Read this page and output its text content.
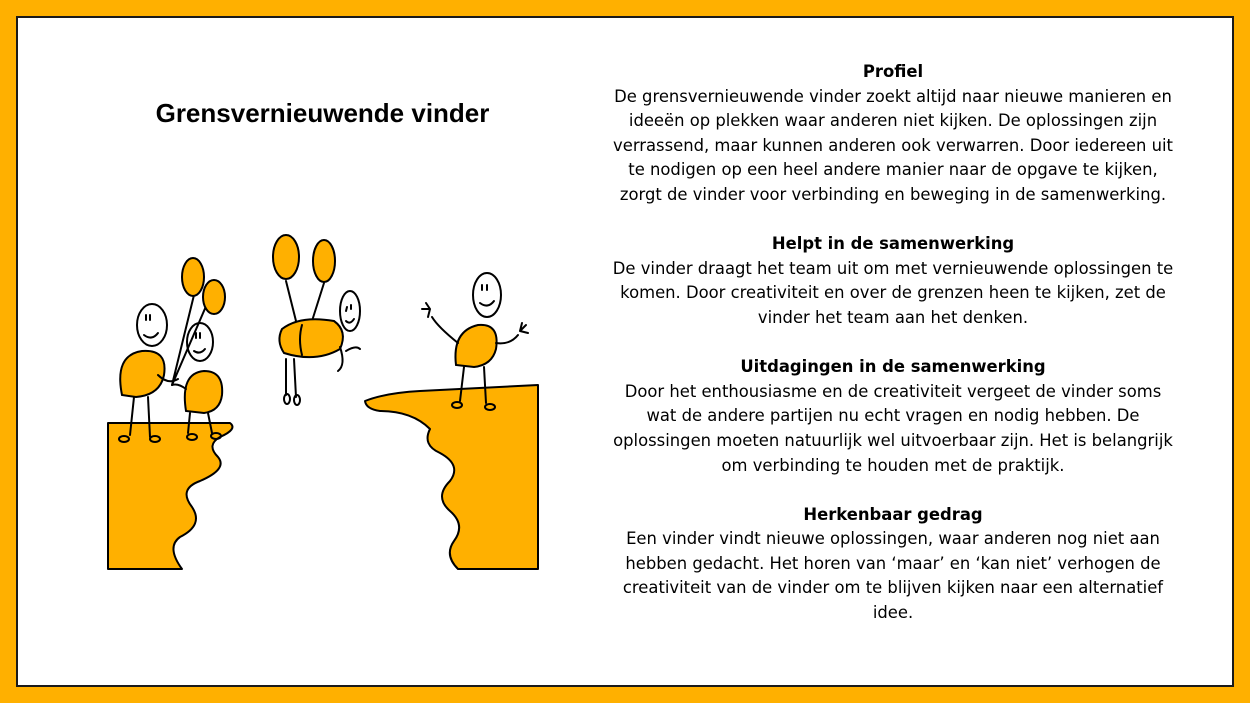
Grensvernieuwende vinder
Profiel

De grensvernieuwende vinder zoekt altijd naar nieuwe manieren en ideeën op plekken waar anderen niet kijken. De oplossingen zijn verrassend, maar kunnen anderen ook verwarren. Door iedereen uit te nodigen op een heel andere manier naar de opgave te kijken, zorgt de vinder voor verbinding en beweging in de samenwerking.

Helpt in de samenwerking

De vinder draagt het team uit om met vernieuwende oplossingen te komen. Door creativiteit en over de grenzen heen te kijken, zet de vinder het team aan het denken.

Uitdagingen in de samenwerking

Door het enthousiasme en de creativiteit vergeet de vinder soms wat de andere partijen nu echt vragen en nodig hebben. De oplossingen moeten natuurlijk wel uitvoerbaar zijn. Het is belangrijk om verbinding te houden met de praktijk.

Herkenbaar gedrag

Een vinder vindt nieuwe oplossingen, waar anderen nog niet aan hebben gedacht. Het horen van ‘maar’ en ‘kan niet’ verhogen de creativiteit van de vinder om te blijven kijken naar een alternatief idee.
